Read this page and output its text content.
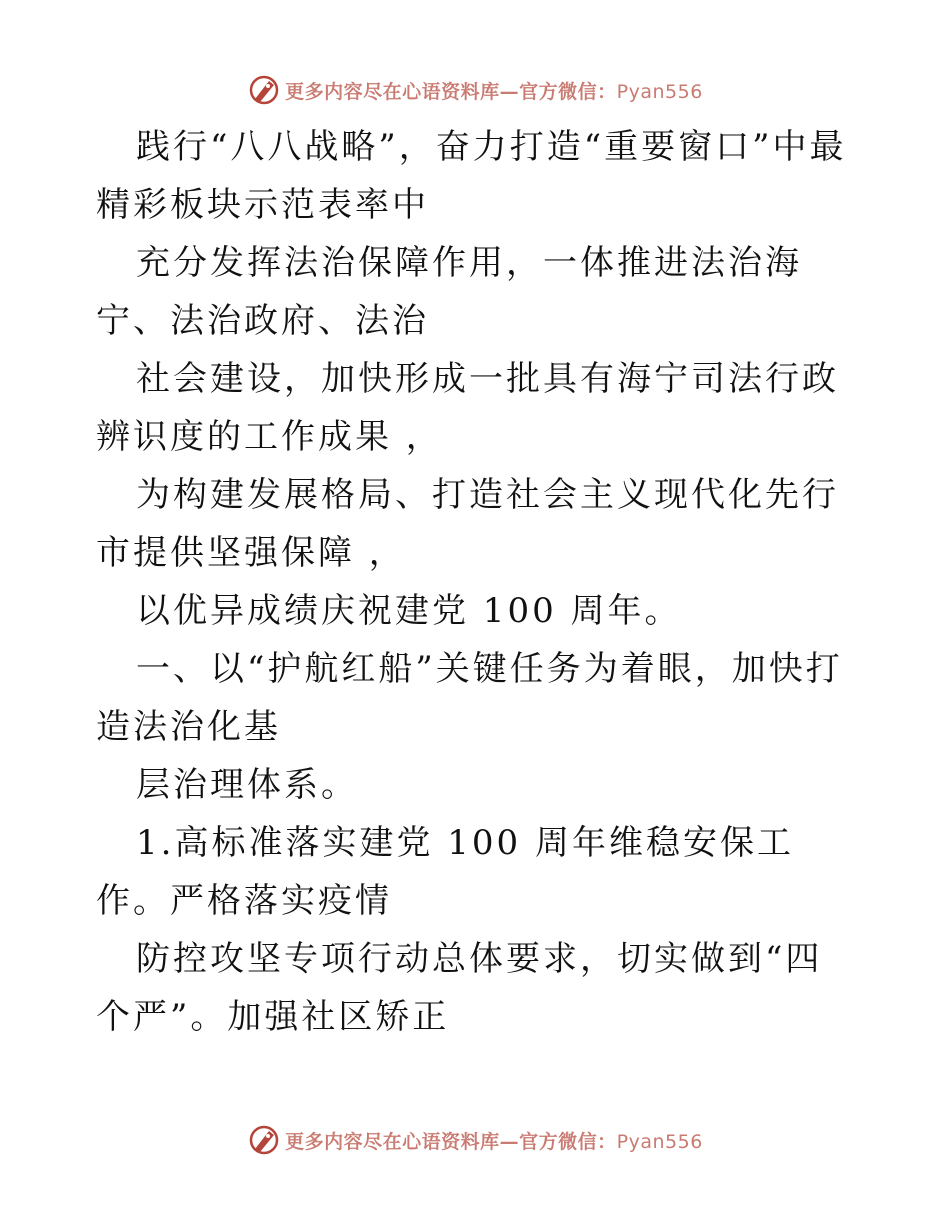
更多内容尽在心语资料库—官方微信：Pyan556

践行“八八战略”，奋力打造“重要窗口”中最精彩板块示范表率中

充分发挥法治保障作用，一体推进法治海宁、法治政府、法治

社会建设，加快形成一批具有海宁司法行政辨识度的工作成果 ，

为构建发展格局、打造社会主义现代化先行市提供坚强保障 ，

以优异成绩庆祝建党 100 周年。

一、以“护航红船”关键任务为着眼，加快打造法治化基

层治理体系。

1.高标准落实建党 100 周年维稳安保工作。严格落实疫情

防控攻坚专项行动总体要求，切实做到“四个严”。加强社区矫正

更多内容尽在心语资料库—官方微信：Pyan556
